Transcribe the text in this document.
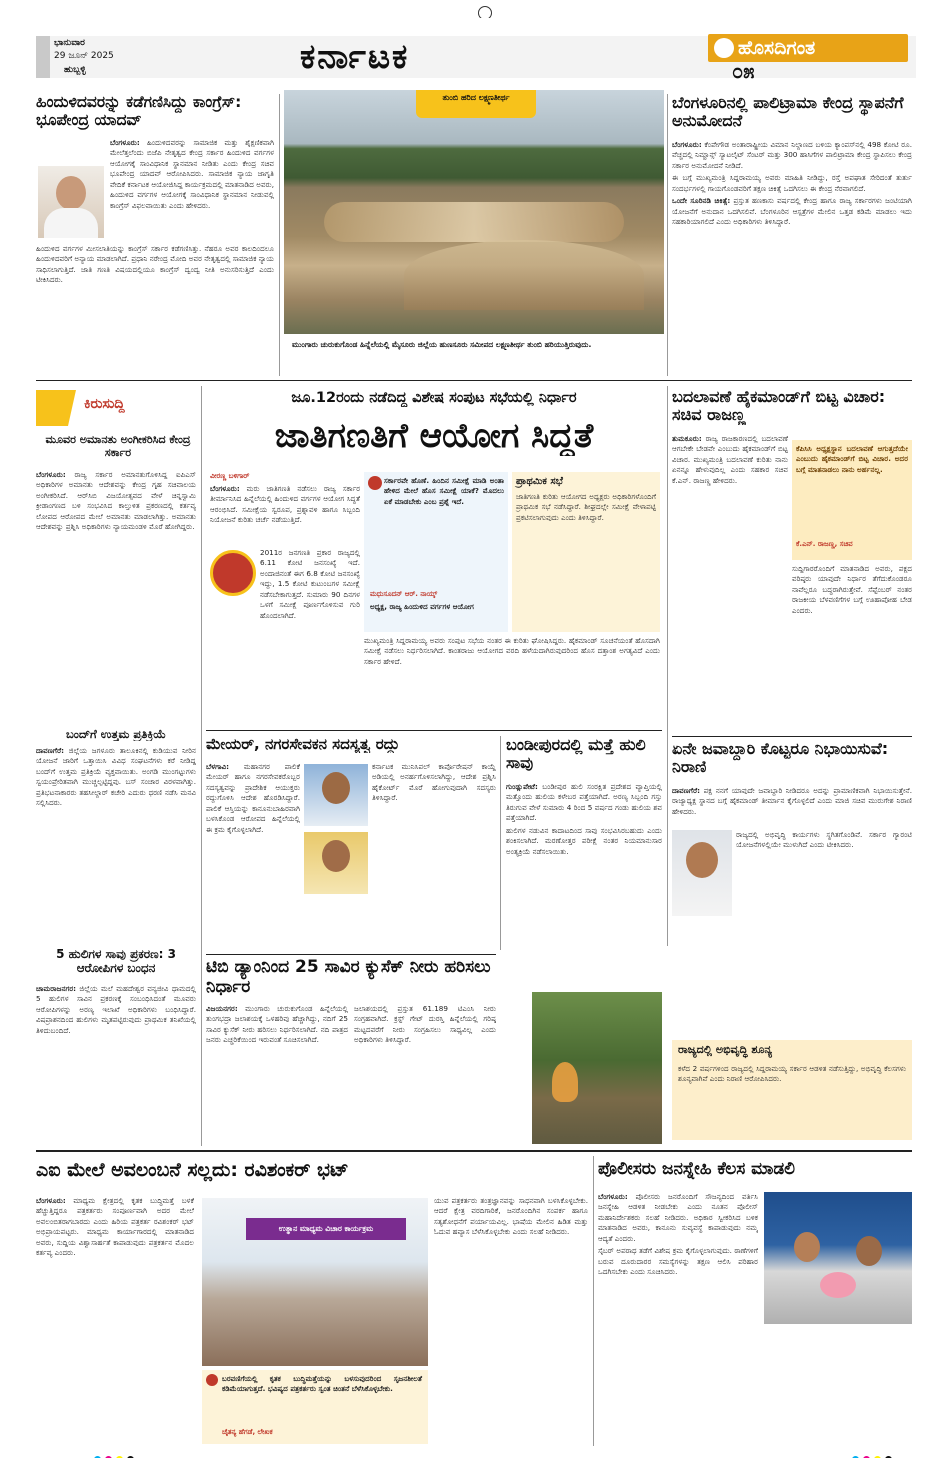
ಭಾನುವಾರ
29 ಜೂನ್ 2025
ಹುಬ್ಬಳ್ಳಿ	ಕರ್ನಾಟಕ	ಹೊಸದಿಗಂತ
೦೫
ಹಿಂದುಳಿದವರನ್ನು ಕಡೆಗಣಿಸಿದ್ದು ಕಾಂಗ್ರೆಸ್: ಭೂಪೇಂದ್ರ ಯಾದವ್
ಬೆಂಗಳೂರು: ಹಿಂದುಳಿದವರನ್ನು ಸಾಮಾಜಿಕ ಮತ್ತು ಶೈಕ್ಷಣಿಕವಾಗಿ ಮೇಲೆತ್ತಲೆಂದು ಬಿಜೆಪಿ ನೇತೃತ್ವದ ಕೇಂದ್ರ ಸರ್ಕಾರ ಹಿಂದುಳಿದ ವರ್ಗಗಳ ಆಯೋಗಕ್ಕೆ ಸಾಂವಿಧಾನಿಕ ಸ್ಥಾನಮಾನ ನೀಡಿತು ಎಂದು ಕೇಂದ್ರ ಸಚಿವ ಭೂಪೇಂದ್ರ ಯಾದವ್ ಆರೋಪಿಸಿದರು. ಸಾಮಾಜಿಕ ನ್ಯಾಯ ಜಾಗೃತಿ ವೇದಿಕೆ ಕರ್ನಾಟಕ ಆಯೋಜಿಸಿದ್ದ ಕಾರ್ಯಕ್ರಮದಲ್ಲಿ ಮಾತನಾಡಿದ ಅವರು, ಹಿಂದುಳಿದ ವರ್ಗಗಳ ಆಯೋಗಕ್ಕೆ ಸಾಂವಿಧಾನಿಕ ಸ್ಥಾನಮಾನ ನೀಡುವಲ್ಲಿ ಕಾಂಗ್ರೆಸ್ ವಿಫಲವಾಯಿತು ಎಂದು ಹೇಳಿದರು.
ಹಿಂದುಳಿದ ವರ್ಗಗಳ ಮೀಸಲಾತಿಯನ್ನು ಕಾಂಗ್ರೆಸ್ ಸರ್ಕಾರ ಕಡೆಗಣಿಸಿತ್ತು. ನೆಹರೂ ಅವರ ಕಾಲದಿಂದಲೂ ಹಿಂದುಳಿದವರಿಗೆ ಅನ್ಯಾಯ ಮಾಡಲಾಗಿದೆ. ಪ್ರಧಾನಿ ನರೇಂದ್ರ ಮೋದಿ ಅವರ ನೇತೃತ್ವದಲ್ಲಿ ಸಾಮಾಜಿಕ ನ್ಯಾಯ ಸಾಧಿಸಲಾಗುತ್ತಿದೆ. ಜಾತಿ ಗಣತಿ ವಿಷಯದಲ್ಲಿಯೂ ಕಾಂಗ್ರೆಸ್ ದ್ವಂದ್ವ ನೀತಿ ಅನುಸರಿಸುತ್ತಿದೆ ಎಂದು ಟೀಕಿಸಿದರು.
ತುಂಬಿ ಹರಿದ ಲಕ್ಷ್ಮಣತೀರ್ಥ
ಮುಂಗಾರು ಚುರುಕುಗೊಂಡ ಹಿನ್ನೆಲೆಯಲ್ಲಿ ಮೈಸೂರು ಜಿಲ್ಲೆಯ ಹುಣಸೂರು ಸಮೀಪದ ಲಕ್ಷ್ಮಣತೀರ್ಥ ತುಂಬಿ ಹರಿಯುತ್ತಿರುವುದು.
ಬೆಂಗಳೂರಿನಲ್ಲಿ ಪಾಲಿಟ್ರಾಮಾ ಕೇಂದ್ರ ಸ್ಥಾಪನೆಗೆ ಅನುಮೋದನೆ

ಬೆಂಗಳೂರು: ಕೆಂಪೇಗೌಡ ಅಂತಾರಾಷ್ಟ್ರೀಯ ವಿಮಾನ ನಿಲ್ದಾಣದ ಬಳಿಯ ಕ್ಯಾಂಪಸ್‌ನಲ್ಲಿ 498 ಕೋಟಿ ರೂ. ವೆಚ್ಚದಲ್ಲಿ ನಿಮ್ಹಾನ್ಸ್ ಸ್ಯಾಟಲೈಟ್ ಸೆಂಟರ್ ಮತ್ತು 300 ಹಾಸಿಗೆಗಳ ಪಾಲಿಟ್ರಾಮಾ ಕೇಂದ್ರ ಸ್ಥಾಪಿಸಲು ಕೇಂದ್ರ ಸರ್ಕಾರ ಅನುಮೋದನೆ ನೀಡಿದೆ.

ಈ ಬಗ್ಗೆ ಮುಖ್ಯಮಂತ್ರಿ ಸಿದ್ದರಾಮಯ್ಯ ಅವರು ಮಾಹಿತಿ ನೀಡಿದ್ದು, ರಸ್ತೆ ಅಪಘಾತ ಸೇರಿದಂತೆ ತುರ್ತು ಸಂದರ್ಭಗಳಲ್ಲಿ ಗಾಯಗೊಂಡವರಿಗೆ ತಕ್ಷಣ ಚಿಕಿತ್ಸೆ ಒದಗಿಸಲು ಈ ಕೇಂದ್ರ ನೆರವಾಗಲಿದೆ.

ಒಂದೇ ಸೂರಿನಡಿ ಚಿಕಿತ್ಸೆ: ಪ್ರಸ್ತುತ ಹಣಕಾಸು ವರ್ಷದಲ್ಲಿ ಕೇಂದ್ರ ಹಾಗೂ ರಾಜ್ಯ ಸರ್ಕಾರಗಳು ಜಂಟಿಯಾಗಿ ಯೋಜನೆಗೆ ಅನುದಾನ ಒದಗಿಸಲಿವೆ. ಬೆಂಗಳೂರಿನ ಆಸ್ಪತ್ರೆಗಳ ಮೇಲಿನ ಒತ್ತಡ ಕಡಿಮೆ ಮಾಡಲು ಇದು ಸಹಕಾರಿಯಾಗಲಿದೆ ಎಂದು ಅಧಿಕಾರಿಗಳು ತಿಳಿಸಿದ್ದಾರೆ.

ಕಿರುಸುದ್ದಿ
ಮೂವರ ಅಮಾನತು ಅಂಗೀಕರಿಸಿದ ಕೇಂದ್ರ ಸರ್ಕಾರ
ಬೆಂಗಳೂರು: ರಾಜ್ಯ ಸರ್ಕಾರ ಅಮಾನತುಗೊಳಿಸಿದ್ದ ಐಪಿಎಸ್ ಅಧಿಕಾರಿಗಳ ಅಮಾನತು ಆದೇಶವನ್ನು ಕೇಂದ್ರ ಗೃಹ ಸಚಿವಾಲಯ ಅಂಗೀಕರಿಸಿದೆ. ಆರ್‌ಸಿಬಿ ವಿಜಯೋತ್ಸವದ ವೇಳೆ ಚಿನ್ನಸ್ವಾಮಿ ಕ್ರೀಡಾಂಗಣದ ಬಳಿ ಸಂಭವಿಸಿದ ಕಾಲ್ತುಳಿತ ಪ್ರಕರಣದಲ್ಲಿ ಕರ್ತವ್ಯ ಲೋಪದ ಆರೋಪದ ಮೇಲೆ ಅಮಾನತು ಮಾಡಲಾಗಿತ್ತು. ಅಮಾನತು ಆದೇಶವನ್ನು ಪ್ರಶ್ನಿಸಿ ಅಧಿಕಾರಿಗಳು ನ್ಯಾಯಮಂಡಳಿ ಮೊರೆ ಹೋಗಿದ್ದರು.
ಬಂದ್‌ಗೆ ಉತ್ತಮ ಪ್ರತಿಕ್ರಿಯೆ
ದಾವಣಗೆರೆ: ಜಿಲ್ಲೆಯ ಜಗಳೂರು ತಾಲೂಕಿನಲ್ಲಿ ಕುಡಿಯುವ ನೀರಿನ ಯೋಜನೆ ಜಾರಿಗೆ ಒತ್ತಾಯಿಸಿ ವಿವಿಧ ಸಂಘಟನೆಗಳು ಕರೆ ನೀಡಿದ್ದ ಬಂದ್‌ಗೆ ಉತ್ತಮ ಪ್ರತಿಕ್ರಿಯೆ ವ್ಯಕ್ತವಾಯಿತು. ಅಂಗಡಿ ಮುಂಗಟ್ಟುಗಳು ಸ್ವಯಂಪ್ರೇರಿತವಾಗಿ ಮುಚ್ಚಲ್ಪಟ್ಟಿದ್ದವು. ಬಸ್ ಸಂಚಾರ ವಿರಳವಾಗಿತ್ತು. ಪ್ರತಿಭಟನಾಕಾರರು ತಹಸೀಲ್ದಾರ್ ಕಚೇರಿ ಎದುರು ಧರಣಿ ನಡೆಸಿ ಮನವಿ ಸಲ್ಲಿಸಿದರು.
5 ಹುಲಿಗಳ ಸಾವು ಪ್ರಕರಣ: 3 ಆರೋಪಿಗಳ ಬಂಧನ
ಚಾಮರಾಜನಗರ: ಜಿಲ್ಲೆಯ ಮಲೆ ಮಹದೇಶ್ವರ ವನ್ಯಜೀವಿ ಧಾಮದಲ್ಲಿ 5 ಹುಲಿಗಳ ಸಾವಿನ ಪ್ರಕರಣಕ್ಕೆ ಸಂಬಂಧಿಸಿದಂತೆ ಮೂವರು ಆರೋಪಿಗಳನ್ನು ಅರಣ್ಯ ಇಲಾಖೆ ಅಧಿಕಾರಿಗಳು ಬಂಧಿಸಿದ್ದಾರೆ. ವಿಷಪ್ರಾಶನದಿಂದ ಹುಲಿಗಳು ಮೃತಪಟ್ಟಿರುವುದು ಪ್ರಾಥಮಿಕ ತನಿಖೆಯಲ್ಲಿ ತಿಳಿದುಬಂದಿದೆ.
ಜೂ.12ರಂದು ನಡೆದಿದ್ದ ವಿಶೇಷ ಸಂಪುಟ ಸಭೆಯಲ್ಲಿ ನಿರ್ಧಾರ
ಜಾತಿಗಣತಿಗೆ ಆಯೋಗ ಸಿದ್ಧತೆ
ವೀರಣ್ಣ ಬಳಿಗಾರ್
ಬೆಂಗಳೂರು: ಮರು ಜಾತಿಗಣತಿ ನಡೆಸಲು ರಾಜ್ಯ ಸರ್ಕಾರ ತೀರ್ಮಾನಿಸಿದ ಹಿನ್ನೆಲೆಯಲ್ಲಿ ಹಿಂದುಳಿದ ವರ್ಗಗಳ ಆಯೋಗ ಸಿದ್ಧತೆ ಆರಂಭಿಸಿದೆ. ಸಮೀಕ್ಷೆಯ ಸ್ವರೂಪ, ಪ್ರಶ್ನಾವಳಿ ಹಾಗೂ ಸಿಬ್ಬಂದಿ ನಿಯೋಜನೆ ಕುರಿತು ಚರ್ಚೆ ನಡೆಯುತ್ತಿದೆ.
2011ರ ಜನಗಣತಿ ಪ್ರಕಾರ ರಾಜ್ಯದಲ್ಲಿ 6.11 ಕೋಟಿ ಜನಸಂಖ್ಯೆ ಇದೆ. ಅಂದಾಜಿನಂತೆ ಈಗ 6.8 ಕೋಟಿ ಜನಸಂಖ್ಯೆ ಇದ್ದು, 1.5 ಕೋಟಿ ಕುಟುಂಬಗಳ ಸಮೀಕ್ಷೆ ನಡೆಸಬೇಕಾಗುತ್ತದೆ. ಸುಮಾರು 90 ದಿನಗಳ ಒಳಗೆ ಸಮೀಕ್ಷೆ ಪೂರ್ಣಗೊಳಿಸುವ ಗುರಿ ಹೊಂದಲಾಗಿದೆ.
ಸರ್ಕಾರವೇ ಹೊಣೆ. ಹಿಂದಿನ ಸಮೀಕ್ಷೆ ಮಾಡಿ ಅಂತಾ ಹೇಳಿದ ಮೇಲೆ ಹೊಸ ಸಮೀಕ್ಷೆ ಯಾಕೆ? ಮೊದಲು ಏಕೆ ಮಾಡಬೇಕು ಎಂಬ ಪ್ರಶ್ನೆ ಇದೆ.
ಮಧುಸೂದನ್ ಆರ್. ನಾಯ್ಕ್
ಅಧ್ಯಕ್ಷ, ರಾಜ್ಯ ಹಿಂದುಳಿದ ವರ್ಗಗಳ ಆಯೋಗ
ಪ್ರಾಥಮಿಕ ಸಭೆ
ಜಾತಿಗಣತಿ ಕುರಿತು ಆಯೋಗದ ಅಧ್ಯಕ್ಷರು ಅಧಿಕಾರಿಗಳೊಂದಿಗೆ ಪ್ರಾಥಮಿಕ ಸಭೆ ನಡೆಸಿದ್ದಾರೆ. ಶೀಘ್ರದಲ್ಲೇ ಸಮೀಕ್ಷೆ ವೇಳಾಪಟ್ಟಿ ಪ್ರಕಟಿಸಲಾಗುವುದು ಎಂದು ತಿಳಿಸಿದ್ದಾರೆ.
ಮುಖ್ಯಮಂತ್ರಿ ಸಿದ್ದರಾಮಯ್ಯ ಅವರು ಸಂಪುಟ ಸಭೆಯ ನಂತರ ಈ ಕುರಿತು ಘೋಷಿಸಿದ್ದರು. ಹೈಕಮಾಂಡ್ ಸೂಚನೆಯಂತೆ ಹೊಸದಾಗಿ ಸಮೀಕ್ಷೆ ನಡೆಸಲು ನಿರ್ಧರಿಸಲಾಗಿದೆ. ಕಾಂತರಾಜು ಆಯೋಗದ ವರದಿ ಹಳೆಯದಾಗಿರುವುದರಿಂದ ಹೊಸ ದತ್ತಾಂಶ ಅಗತ್ಯವಿದೆ ಎಂದು ಸರ್ಕಾರ ಹೇಳಿದೆ.
ಬದಲಾವಣೆ ಹೈಕಮಾಂಡ್‌ಗೆ ಬಿಟ್ಟ ವಿಚಾರ: ಸಚಿವ ರಾಜಣ್ಣ
ತುಮಕೂರು: ರಾಜ್ಯ ರಾಜಕಾರಣದಲ್ಲಿ ಬದಲಾವಣೆ ಆಗಬೇಕೇ ಬೇಡವೇ ಎಂಬುದು ಹೈಕಮಾಂಡ್‌ಗೆ ಬಿಟ್ಟ ವಿಚಾರ. ಮುಖ್ಯಮಂತ್ರಿ ಬದಲಾವಣೆ ಕುರಿತು ನಾನು ಏನನ್ನೂ ಹೇಳುವುದಿಲ್ಲ ಎಂದು ಸಹಕಾರ ಸಚಿವ ಕೆ.ಎನ್. ರಾಜಣ್ಣ ಹೇಳಿದರು.
ಕೆಪಿಸಿಸಿ ಅಧ್ಯಕ್ಷಸ್ಥಾನ ಬದಲಾವಣೆ ಆಗುತ್ತದೆಯೇ ಎಂಬುದು ಹೈಕಮಾಂಡ್‌ಗೆ ಬಿಟ್ಟ ವಿಚಾರ. ಅದರ ಬಗ್ಗೆ ಮಾತನಾಡಲು ನಾನು ಅರ್ಹನಲ್ಲ.
ಕೆ.ಎನ್. ರಾಜಣ್ಣ, ಸಚಿವ
ಸುದ್ದಿಗಾರರೊಂದಿಗೆ ಮಾತನಾಡಿದ ಅವರು, ಪಕ್ಷದ ವರಿಷ್ಠರು ಯಾವುದೇ ನಿರ್ಧಾರ ತೆಗೆದುಕೊಂಡರೂ ನಾವೆಲ್ಲರೂ ಬದ್ಧರಾಗಿರುತ್ತೇವೆ. ಸೆಪ್ಟೆಂಬರ್ ನಂತರ ರಾಜಕೀಯ ಬೆಳವಣಿಗೆಗಳ ಬಗ್ಗೆ ಊಹಾಪೋಹ ಬೇಡ ಎಂದರು.
ಮೇಯರ್, ನಗರಸೇವಕನ ಸದಸ್ಯತ್ವ ರದ್ದು
ಬೆಳಗಾವಿ: ಮಹಾನಗರ ಪಾಲಿಕೆ ಮೇಯರ್ ಹಾಗೂ ನಗರಸೇವಕರೊಬ್ಬರ ಸದಸ್ಯತ್ವವನ್ನು ಪ್ರಾದೇಶಿಕ ಆಯುಕ್ತರು ರದ್ದುಗೊಳಿಸಿ ಆದೇಶ ಹೊರಡಿಸಿದ್ದಾರೆ. ಪಾಲಿಕೆ ಆಸ್ತಿಯನ್ನು ಕಾನೂನುಬಾಹಿರವಾಗಿ ಬಳಸಿಕೊಂಡ ಆರೋಪದ ಹಿನ್ನೆಲೆಯಲ್ಲಿ ಈ ಕ್ರಮ ಕೈಗೊಳ್ಳಲಾಗಿದೆ.
ಕರ್ನಾಟಕ ಮುನಿಸಿಪಲ್ ಕಾರ್ಪೊರೇಷನ್ ಕಾಯ್ದೆ ಅಡಿಯಲ್ಲಿ ಅನರ್ಹಗೊಳಿಸಲಾಗಿದ್ದು, ಆದೇಶ ಪ್ರಶ್ನಿಸಿ ಹೈಕೋರ್ಟ್ ಮೊರೆ ಹೋಗುವುದಾಗಿ ಸದಸ್ಯರು ತಿಳಿಸಿದ್ದಾರೆ.
ಬಂಡೀಪುರದಲ್ಲಿ ಮತ್ತೆ ಹುಲಿ ಸಾವು

ಗುಂಡ್ಲುಪೇಟೆ: ಬಂಡೀಪುರ ಹುಲಿ ಸಂರಕ್ಷಿತ ಪ್ರದೇಶದ ವ್ಯಾಪ್ತಿಯಲ್ಲಿ ಮತ್ತೊಂದು ಹುಲಿಯ ಕಳೇಬರ ಪತ್ತೆಯಾಗಿದೆ. ಅರಣ್ಯ ಸಿಬ್ಬಂದಿ ಗಸ್ತು ತಿರುಗುವ ವೇಳೆ ಸುಮಾರು 4 ರಿಂದ 5 ವರ್ಷದ ಗಂಡು ಹುಲಿಯ ಶವ ಪತ್ತೆಯಾಗಿದೆ.

ಹುಲಿಗಳ ನಡುವಿನ ಕಾದಾಟದಿಂದ ಸಾವು ಸಂಭವಿಸಿರಬಹುದು ಎಂದು ಶಂಕಿಸಲಾಗಿದೆ. ಮರಣೋತ್ತರ ಪರೀಕ್ಷೆ ನಂತರ ನಿಯಮಾನುಸಾರ ಅಂತ್ಯಕ್ರಿಯೆ ನಡೆಸಲಾಯಿತು.

ಏನೇ ಜವಾಬ್ದಾರಿ ಕೊಟ್ಟರೂ ನಿಭಾಯಿಸುವೆ: ನಿರಾಣಿ
ದಾವಣಗೆರೆ: ಪಕ್ಷ ನನಗೆ ಯಾವುದೇ ಜವಾಬ್ದಾರಿ ನೀಡಿದರೂ ಅದನ್ನು ಪ್ರಾಮಾಣಿಕವಾಗಿ ನಿಭಾಯಿಸುತ್ತೇನೆ. ರಾಜ್ಯಾಧ್ಯಕ್ಷ ಸ್ಥಾನದ ಬಗ್ಗೆ ಹೈಕಮಾಂಡ್ ತೀರ್ಮಾನ ಕೈಗೊಳ್ಳಲಿದೆ ಎಂದು ಮಾಜಿ ಸಚಿವ ಮುರುಗೇಶ ನಿರಾಣಿ ಹೇಳಿದರು.
ರಾಜ್ಯದಲ್ಲಿ ಅಭಿವೃದ್ಧಿ ಕಾರ್ಯಗಳು ಸ್ಥಗಿತಗೊಂಡಿವೆ. ಸರ್ಕಾರ ಗ್ಯಾರಂಟಿ ಯೋಜನೆಗಳಲ್ಲಿಯೇ ಮುಳುಗಿದೆ ಎಂದು ಟೀಕಿಸಿದರು.
ರಾಜ್ಯದಲ್ಲಿ ಅಭಿವೃದ್ಧಿ ಶೂನ್ಯ
ಕಳೆದ 2 ವರ್ಷಗಳಿಂದ ರಾಜ್ಯದಲ್ಲಿ ಸಿದ್ದರಾಮಯ್ಯ ಸರ್ಕಾರ ಆಡಳಿತ ನಡೆಸುತ್ತಿದ್ದು, ಅಭಿವೃದ್ಧಿ ಕೆಲಸಗಳು ಶೂನ್ಯವಾಗಿವೆ ಎಂದು ನಿರಾಣಿ ಆರೋಪಿಸಿದರು.
ಟಿಬಿ ಡ್ಯಾಂನಿಂದ 25 ಸಾವಿರ ಕ್ಯುಸೆಕ್ ನೀರು ಹರಿಸಲು ನಿರ್ಧಾರ
ವಿಜಯನಗರ: ಮುಂಗಾರು ಚುರುಕುಗೊಂಡ ಹಿನ್ನೆಲೆಯಲ್ಲಿ ತುಂಗಭದ್ರಾ ಜಲಾಶಯಕ್ಕೆ ಒಳಹರಿವು ಹೆಚ್ಚಾಗಿದ್ದು, ನದಿಗೆ 25 ಸಾವಿರ ಕ್ಯುಸೆಕ್ ನೀರು ಹರಿಸಲು ನಿರ್ಧರಿಸಲಾಗಿದೆ. ನದಿ ಪಾತ್ರದ ಜನರು ಎಚ್ಚರಿಕೆಯಿಂದ ಇರುವಂತೆ ಸೂಚಿಸಲಾಗಿದೆ.
ಜಲಾಶಯದಲ್ಲಿ ಪ್ರಸ್ತುತ 61.189 ಟಿಎಂಸಿ ನೀರು ಸಂಗ್ರಹವಾಗಿದೆ. ಕ್ರಸ್ಟ್ ಗೇಟ್ ದುರಸ್ತಿ ಹಿನ್ನೆಲೆಯಲ್ಲಿ ಗರಿಷ್ಠ ಮಟ್ಟದವರೆಗೆ ನೀರು ಸಂಗ್ರಹಿಸಲು ಸಾಧ್ಯವಿಲ್ಲ ಎಂದು ಅಧಿಕಾರಿಗಳು ತಿಳಿಸಿದ್ದಾರೆ.
ಎಐ ಮೇಲೆ ಅವಲಂಬನೆ ಸಲ್ಲದು: ರವಿಶಂಕರ್ ಭಟ್
ಬೆಂಗಳೂರು: ಮಾಧ್ಯಮ ಕ್ಷೇತ್ರದಲ್ಲಿ ಕೃತಕ ಬುದ್ಧಿಮತ್ತೆ ಬಳಕೆ ಹೆಚ್ಚುತ್ತಿದ್ದರೂ ಪತ್ರಕರ್ತರು ಸಂಪೂರ್ಣವಾಗಿ ಅದರ ಮೇಲೆ ಅವಲಂಬಿತರಾಗಬಾರದು ಎಂದು ಹಿರಿಯ ಪತ್ರಕರ್ತ ರವಿಶಂಕರ್ ಭಟ್ ಅಭಿಪ್ರಾಯಪಟ್ಟರು. ಮಾಧ್ಯಮ ಕಾರ್ಯಾಗಾರದಲ್ಲಿ ಮಾತನಾಡಿದ ಅವರು, ಸುದ್ದಿಯ ವಿಶ್ವಾಸಾರ್ಹತೆ ಕಾಪಾಡುವುದು ಪತ್ರಕರ್ತನ ಮೊದಲ ಕರ್ತವ್ಯ ಎಂದರು.
ಉತ್ಥಾನ ಮಾಧ್ಯಮ ವಿಚಾರ ಕಾರ್ಯಕ್ರಮ
ಬರವಣಿಗೆಯಲ್ಲಿ ಕೃತಕ ಬುದ್ಧಿಮತ್ತೆಯನ್ನು ಬಳಸುವುದರಿಂದ ಸೃಜನಶೀಲತೆ ಕಡಿಮೆಯಾಗುತ್ತದೆ. ಭವಿಷ್ಯದ ಪತ್ರಕರ್ತರು ಸ್ವಂತ ಚಿಂತನೆ ಬೆಳೆಸಿಕೊಳ್ಳಬೇಕು.
ಚೈತನ್ಯ ಹೆಗಡೆ, ಲೇಖಕ
ಯುವ ಪತ್ರಕರ್ತರು ತಂತ್ರಜ್ಞಾನವನ್ನು ಸಾಧನವಾಗಿ ಬಳಸಿಕೊಳ್ಳಬೇಕು. ಆದರೆ ಕ್ಷೇತ್ರ ವರದಿಗಾರಿಕೆ, ಜನರೊಂದಿಗಿನ ಸಂಪರ್ಕ ಹಾಗೂ ಸತ್ಯಶೋಧನೆಗೆ ಪರ್ಯಾಯವಿಲ್ಲ. ಭಾಷೆಯ ಮೇಲಿನ ಹಿಡಿತ ಮತ್ತು ಓದುವ ಹವ್ಯಾಸ ಬೆಳೆಸಿಕೊಳ್ಳಬೇಕು ಎಂದು ಸಲಹೆ ನೀಡಿದರು.
ಪೊಲೀಸರು ಜನಸ್ನೇಹಿ ಕೆಲಸ ಮಾಡಲಿ

ಬೆಂಗಳೂರು: ಪೊಲೀಸರು ಜನರೊಂದಿಗೆ ಸೌಜನ್ಯದಿಂದ ವರ್ತಿಸಿ ಜನಸ್ನೇಹಿ ಆಡಳಿತ ನೀಡಬೇಕು ಎಂದು ನೂತನ ಪೊಲೀಸ್ ಮಹಾನಿರ್ದೇಶಕರು ಸಲಹೆ ನೀಡಿದರು. ಅಧಿಕಾರ ಸ್ವೀಕರಿಸಿದ ಬಳಿಕ ಮಾತನಾಡಿದ ಅವರು, ಕಾನೂನು ಸುವ್ಯವಸ್ಥೆ ಕಾಪಾಡುವುದು ನಮ್ಮ ಆದ್ಯತೆ ಎಂದರು.

ಸೈಬರ್ ಅಪರಾಧ ತಡೆಗೆ ವಿಶೇಷ ಕ್ರಮ ಕೈಗೊಳ್ಳಲಾಗುವುದು. ಠಾಣೆಗಳಿಗೆ ಬರುವ ದೂರುದಾರರ ಸಮಸ್ಯೆಗಳನ್ನು ತಕ್ಷಣ ಆಲಿಸಿ ಪರಿಹಾರ ಒದಗಿಸಬೇಕು ಎಂದು ಸೂಚಿಸಿದರು.
